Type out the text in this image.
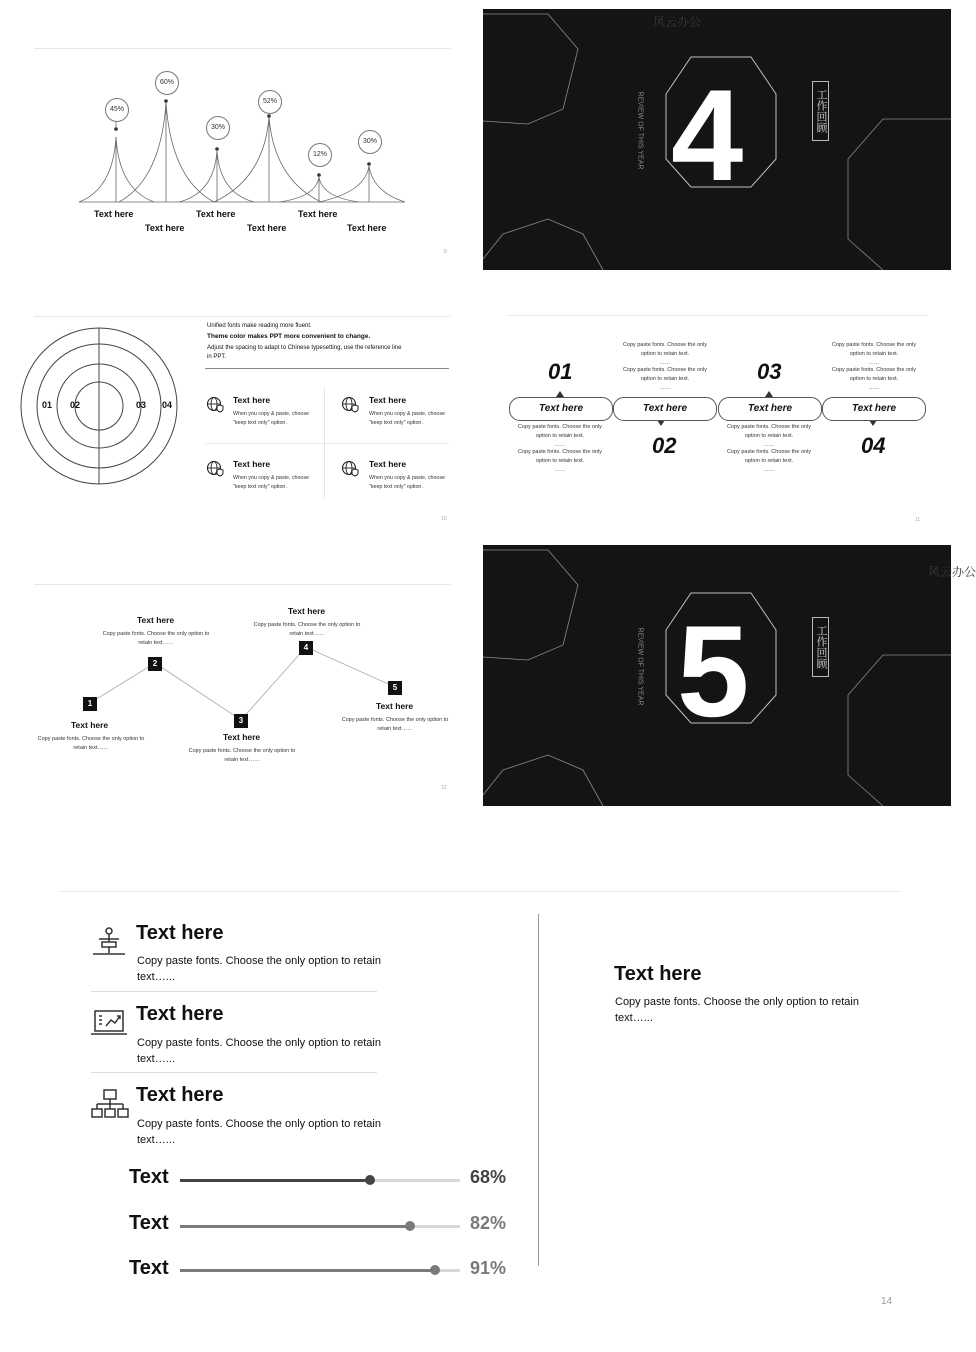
45%
60%
30%
52%
12%
30%
Text here	Text here	Text here
Text here	Text here	Text here
8
4
REVIEW OF THIS YEAR	工作回顾
风云办公
01 02	03 04
Unified fonts make reading more fluent.
Theme color makes PPT more convenient to change.
Adjust the spacing to adapt to Chinese typesetting, use the reference line in PPT.
Text here
When you copy & paste, choose
"keep text only" option.
Text here
When you copy & paste, choose
"keep text only" option.
Text here
When you copy & paste, choose
"keep text only" option.
Text here
When you copy & paste, choose
"keep text only" option.
10
Copy paste fonts. Choose the only
option to retain text.
……
Copy paste fonts. Choose the only
option to retain text.
……
Copy paste fonts. Choose the only
option to retain text.
……
Copy paste fonts. Choose the only
option to retain text.
……
01
02
03
04
Text here	Text here	Text here	Text here
Copy paste fonts. Choose the only
option to retain text.
……
Copy paste fonts. Choose the only
option to retain text.
……
Copy paste fonts. Choose the only
option to retain text.
……
Copy paste fonts. Choose the only
option to retain text.
……
11
1
2
3
4
5
Text here
Copy paste fonts. Choose the only option to
retain text……
Text here
Copy paste fonts. Choose the only option to
retain text……
Text here
Copy paste fonts. Choose the only option to
retain text……
Text here
Copy paste fonts. Choose the only option to
retain text……
Text here
Copy paste fonts. Choose the only option to
retain text……
12
5
REVIEW OF THIS YEAR	工作回顾
风云办公
Text here
Copy paste fonts. Choose the only option to retain
text…...
Text here
Copy paste fonts. Choose the only option to retain
text…...
Text here
Copy paste fonts. Choose the only option to retain
text…...
Text	68%
Text	82%
Text	91%
Text here
Copy paste fonts. Choose the only option to retain
text…...
14
